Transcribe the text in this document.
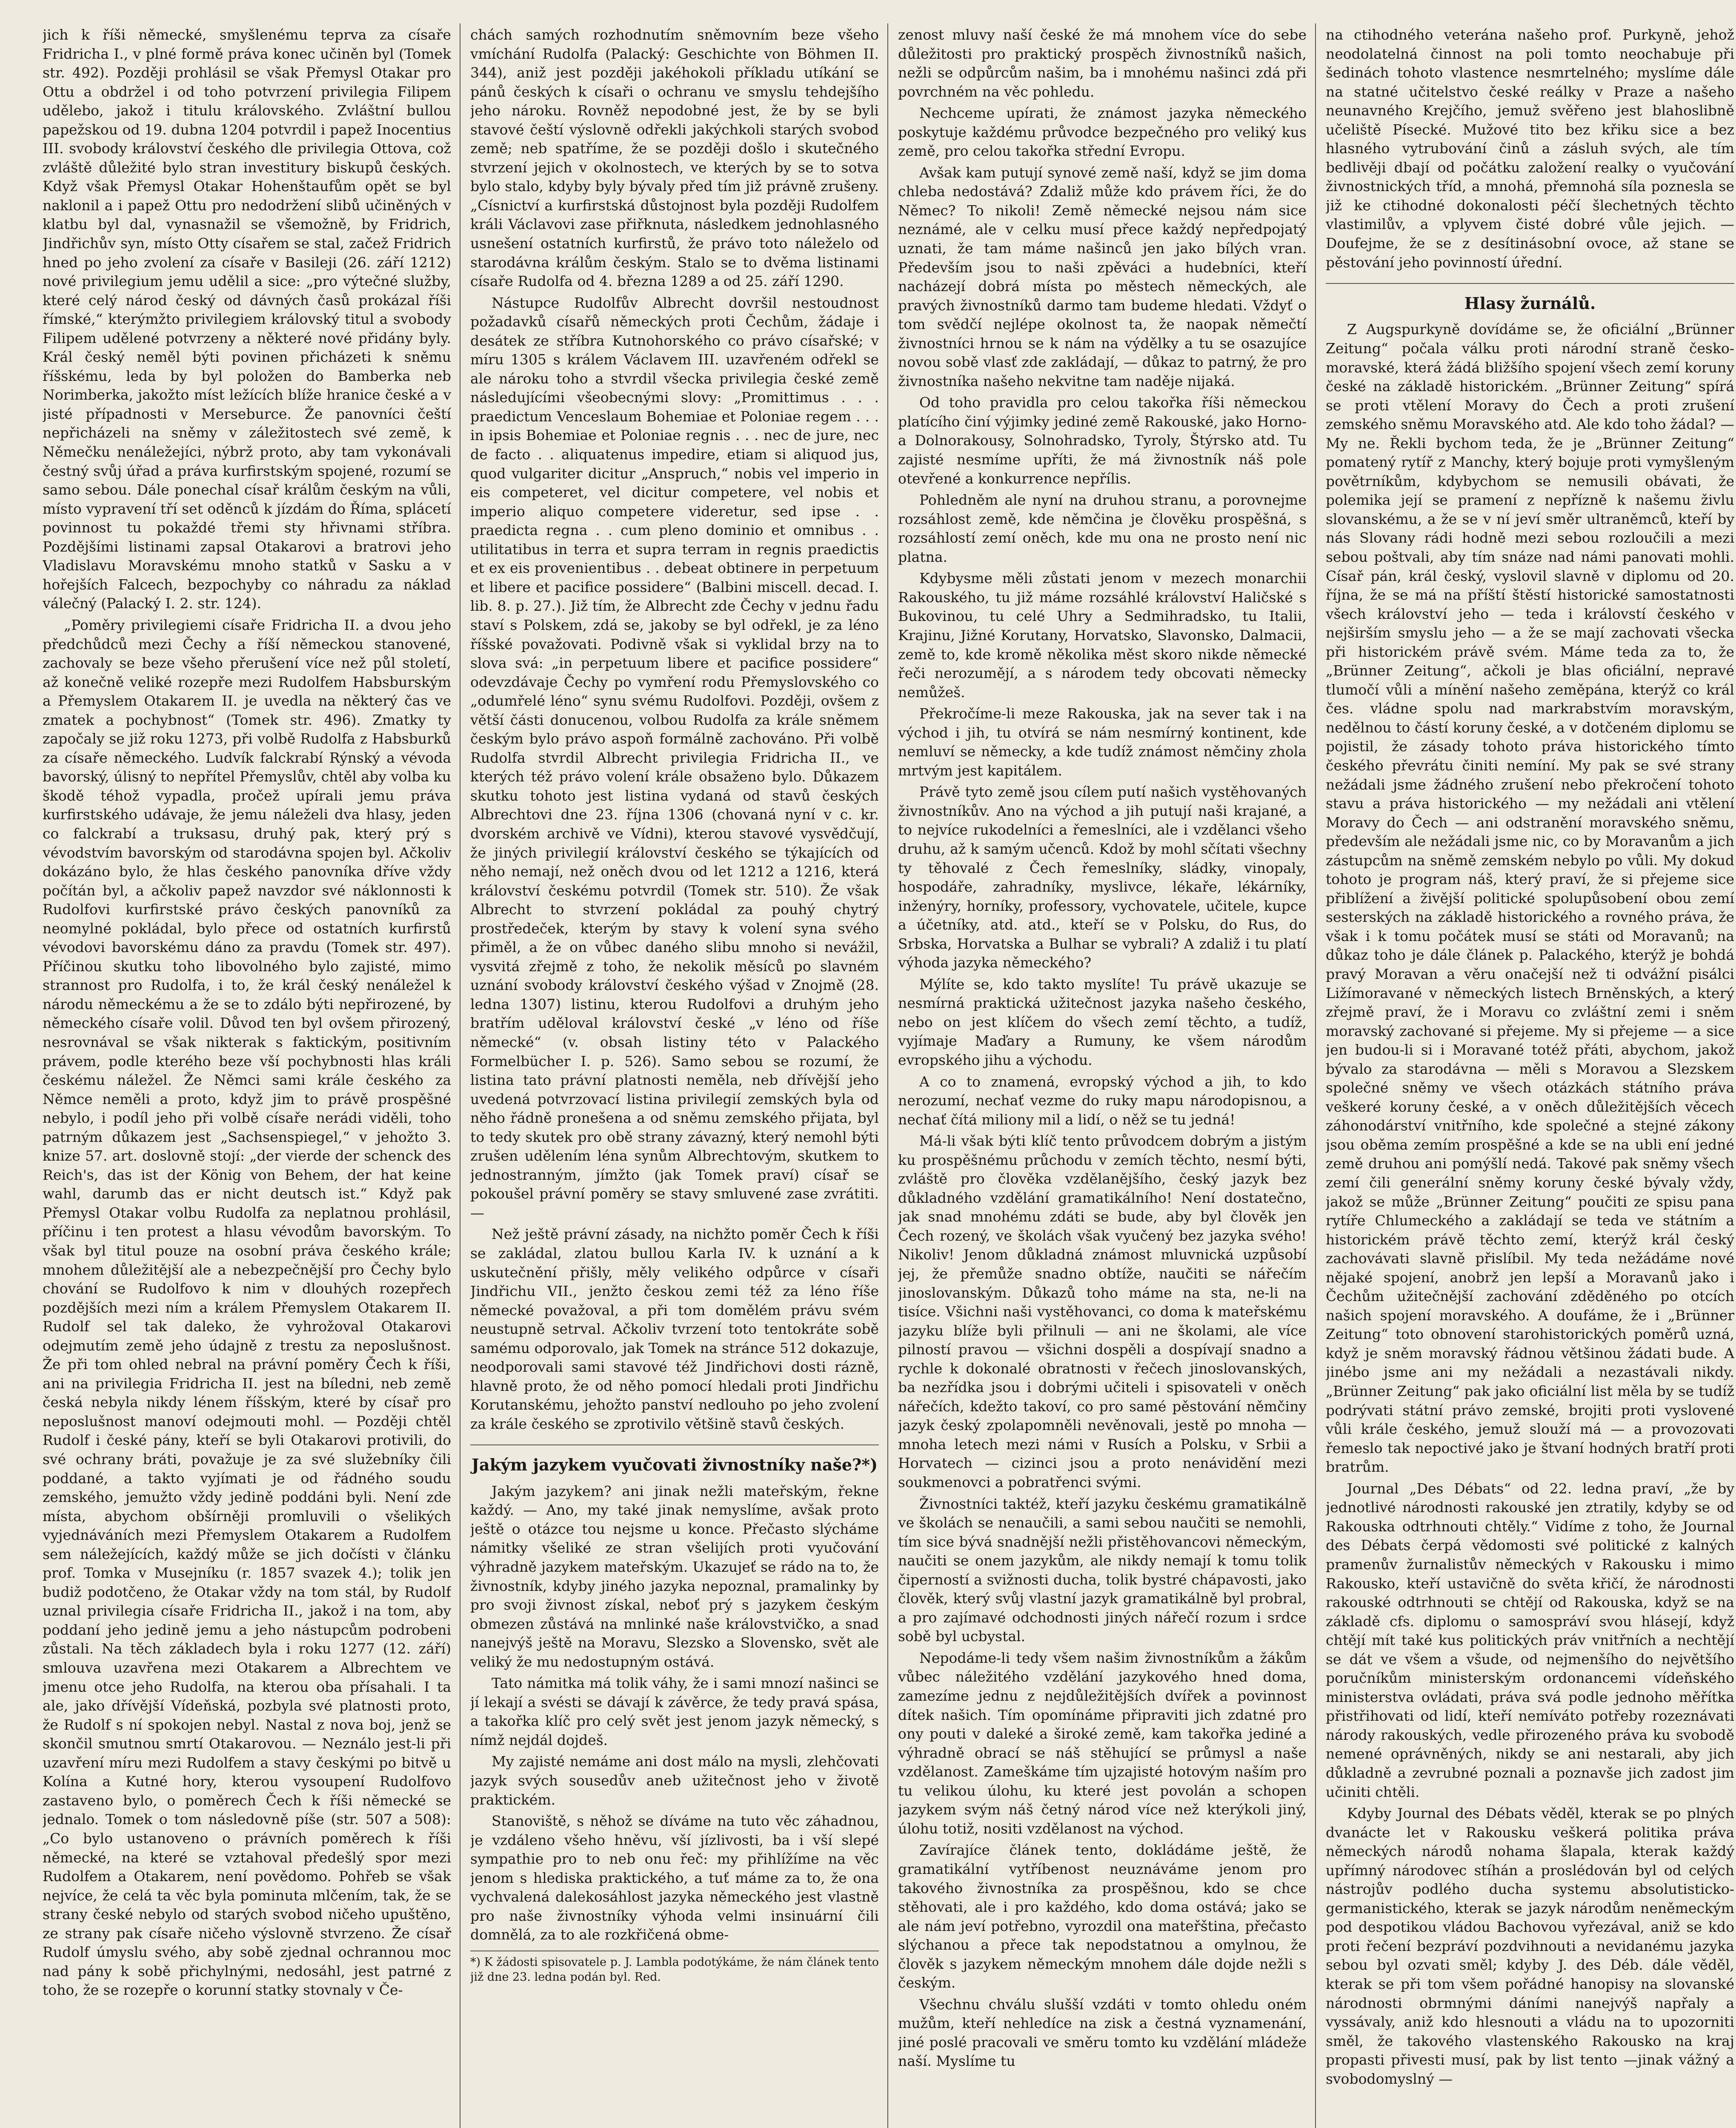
jich k říši německé, smyšlenému teprva za císaře Fridricha I., v plné formě práva konec učiněn byl (Tomek str. 492). Později prohlásil se však Přemysl Otakar pro Ottu a obdržel i od toho potvrzení privilegia Filipem udělebo, jakož i titulu královského. Zvláštní bullou papežskou od 19. dubna 1204 potvrdil i papež Inocentius III. svobody království českého dle privilegia Ottova, což zvláště důležité bylo stran investitury biskupů českých. Když však Přemysl Otakar Hohenštaufům opět se byl naklonil a i papež Ottu pro nedodržení slibů učiněných v klatbu byl dal, vynasnažil se všemožně, by Fridrich, Jindřichův syn, místo Otty císařem se stal, začež Fridrich hned po jeho zvolení za císaře v Basileji (26. září 1212) nové privilegium jemu udělil a sice: „pro výtečné služby, které celý národ český od dávných časů prokázal říši římské,“ kterýmžto privilegiem královský titul a svobody Filipem udělené potvrzeny a některé nové přidány byly. Král český neměl býti povinen přicházeti k sněmu říšskému, leda by byl položen do Bamberka neb Norimberka, jakožto míst ležících blíže hranice české a v jisté případnosti v Merseburce. Že panovníci čeští nepřicházeli na sněmy v záležitostech své země, k Němečku nenáležejíci, nýbrž proto, aby tam vykonávali čestný svůj úřad a práva kurfirstským spojené, rozumí se samo sebou. Dále ponechal císař králům českým na vůli, místo vypravení tří set oděnců k jízdám do Říma, splácetí povinnost tu pokaždé třemi sty hřivnami stříbra. Pozdějšími listinami zapsal Otakarovi a bratrovi jeho Vladislavu Moravskému mnoho statků v Sasku a v hořejších Falcech, bezpochyby co náhradu za náklad válečný (Palacký I. 2. str. 124).

„Poměry privilegiemi císaře Fridricha II. a dvou jeho předchůdců mezi Čechy a říší německou stanovené, zachovaly se beze všeho přerušení více než půl století, až konečně veliké rozepře mezi Rudolfem Habsburským a Přemyslem Otakarem II. je uvedla na některý čas ve zmatek a pochybnost“ (Tomek str. 496). Zmatky ty započaly se již roku 1273, při volbě Rudolfa z Habsburků za císaře německého. Ludvík falckrabí Rýnský a vévoda bavorský, úlisný to nepřítel Přemyslův, chtěl aby volba ku škodě téhož vypadla, pročež upírali jemu práva kurfirstského udávaje, že jemu náleželi dva hlasy, jeden co falckrabí a truksasu, druhý pak, který prý s vévodstvím bavorským od starodávna spojen byl. Ačkoliv dokázáno bylo, že hlas českého panovníka dříve vždy počítán byl, a ačkoliv papež navzdor své náklonnosti k Rudolfovi kurfirstské právo českých panovníků za neomylné pokládal, bylo přece od ostatních kurfirstů vévodovi bavorskému dáno za pravdu (Tomek str. 497). Příčinou skutku toho libovolného bylo zajisté, mimo strannost pro Rudolfa, i to, že král český nenáležel k národu německému a že se to zdálo býti nepřirozené, by německého císaře volil. Důvod ten byl ovšem přirozený, nesrovnával se však nikterak s faktickým, positivním právem, podle kterého beze vší pochybnosti hlas králi českému náležel. Že Němci sami krále českého za Němce neměli a proto, když jim to právě prospěšné nebylo, i podíl jeho při volbě císaře nerádi viděli, toho patrným důkazem jest „Sachsenspiegel,“ v jehožto 3. knize 57. art. doslovně stojí: „der vierde der schenck des Reich's, das ist der König von Behem, der hat keine wahl, darumb das er nicht deutsch ist.“ Když pak Přemysl Otakar volbu Rudolfa za neplatnou prohlásil, příčinu i ten protest a hlasu vévodům bavorským. To však byl titul pouze na osobní práva českého krále; mnohem důležitější ale a nebezpečnější pro Čechy bylo chování se Rudolfovo k nim v dlouhých rozepřech pozdějších mezi ním a králem Přemyslem Otakarem II. Rudolf sel tak daleko, že vyhrožoval Otakarovi odejmutím země jeho údajně z trestu za neposlušnost. Že při tom ohled nebral na právní poměry Čech k říši, ani na privilegia Fridricha II. jest na bíledni, neb země česká nebyla nikdy lénem říšským, které by císař pro neposlušnost manoví odejmouti mohl. — Později chtěl Rudolf i české pány, kteří se byli Otakarovi protivili, do své ochrany bráti, považuje je za své služebníky čili poddané, a takto vyjímati je od řádného soudu zemského, jemužto vždy jedině poddáni byli. Není zde místa, abychom obšírněji promluvili o všelikých vyjednáváních mezi Přemyslem Otakarem a Rudolfem sem náležejících, každý může se jich dočísti v článku prof. Tomka v Musejníku (r. 1857 svazek 4.); tolik jen budiž podotčeno, že Otakar vždy na tom stál, by Rudolf uznal privilegia císaře Fridricha II., jakož i na tom, aby poddaní jeho jedině jemu a jeho nástupcům podrobeni zůstali. Na těch základech byla i roku 1277 (12. září) smlouva uzavřena mezi Otakarem a Albrechtem ve jmenu otce jeho Rudolfa, na kterou oba přísahali. I ta ale, jako dřívější Vídeňská, pozbyla své platnosti proto, že Rudolf s ní spokojen nebyl. Nastal z nova boj, jenž se skončil smutnou smrtí Otakarovou. — Neználo jest-li při uzavření míru mezi Rudolfem a stavy českými po bitvě u Kolína a Kutné hory, kterou vysoupení Rudolfovo zastaveno bylo, o poměrech Čech k říši německé se jednalo. Tomek o tom následovně píše (str. 507 a 508): „Co bylo ustanoveno o právních poměrech k říši německé, na které se vztahoval předešlý spor mezi Rudolfem a Otakarem, není povědomo. Pohřeb se však nejvíce, že celá ta věc byla pominuta mlčením, tak, že se strany české nebylo od starých svobod ničeho upuštěno, ze strany pak císaře ničeho výslovně stvrzeno. Že císař Rudolf úmyslu svého, aby sobě zjednal ochrannou moc nad pány k sobě přichylnými, nedosáhl, jest patrné z toho, že se rozepře o korunní statky stovnaly v Če-

chách samých rozhodnutím sněmovním beze všeho vmíchání Rudolfa (Palacký: Geschichte von Böhmen II. 344), aniž jest později jakéhokoli příkladu utíkání se pánů českých k císaři o ochranu ve smyslu tehdejšího jeho nároku. Rovněž nepodobné jest, že by se byli stavové čeští výslovně odřekli jakýchkoli starých svobod země; neb spatříme, že se později došlo i skutečného stvrzení jejich v okolnostech, ve kterých by se to sotva bylo stalo, kdyby byly bývaly před tím již právně zrušeny. „Císnictví a kurfirstská důstojnost byla později Rudolfem králi Václavovi zase přiřknuta, následkem jednohlasného usnešení ostatních kurfirstů, že právo toto náleželo od starodávna králům českým. Stalo se to dvěma listinami císaře Rudolfa od 4. března 1289 a od 25. září 1290.

Nástupce Rudolfův Albrecht dovršil nestoudnost požadavků císařů německých proti Čechům, žádaje i desátek ze stříbra Kutnohorského co právo císařské; v míru 1305 s králem Václavem III. uzavřeném odřekl se ale nároku toho a stvrdil všecka privilegia české země následujícími všeobecnými slovy: „Promittimus . . . praedictum Venceslaum Bohemiae et Poloniae regem . . . in ipsis Bohemiae et Poloniae regnis . . . nec de jure, nec de facto . . aliquatenus impedire, etiam si aliquod jus, quod vulgariter dicitur „Anspruch,“ nobis vel imperio in eis competeret, vel dicitur competere, vel nobis et imperio aliquo competere videretur, sed ipse . . praedicta regna . . cum pleno dominio et omnibus . . utilitatibus in terra et supra terram in regnis praedictis et ex eis provenientibus . . debeat obtinere in perpetuum et libere et pacifice possidere“ (Balbini miscell. decad. I. lib. 8. p. 27.). Již tím, že Albrecht zde Čechy v jednu řadu staví s Polskem, zdá se, jakoby se byl odřekl, je za léno říšské považovati. Podivně však si vyklidal brzy na to slova svá: „in perpetuum libere et pacifice possidere“ odevzdávaje Čechy po vymření rodu Přemyslovského co „odumřelé léno“ synu svému Rudolfovi. Později, ovšem z větší části donucenou, volbou Rudolfa za krále sněmem českým bylo právo aspoň formálně zachováno. Při volbě Rudolfa stvrdil Albrecht privilegia Fridricha II., ve kterých též právo volení krále obsaženo bylo. Důkazem skutku tohoto jest listina vydaná od stavů českých Albrechtovi dne 23. října 1306 (chovaná nyní v c. kr. dvorském archivě ve Vídni), kterou stavové vysvědčují, že jiných privilegií království českého se týkajících od něho nemají, než oněch dvou od let 1212 a 1216, která království českému potvrdil (Tomek str. 510). Že však Albrecht to stvrzení pokládal za pouhý chytrý prostředeček, kterým by stavy k volení syna svého přiměl, a že on vůbec daného slibu mnoho si nevážil, vysvitá zřejmě z toho, že nekolik měsíců po slavném uznání svobody království českého výšad v Znojmě (28. ledna 1307) listinu, kterou Rudolfovi a druhým jeho bratřím uděloval království české „v léno od říše německé“ (v. obsah listiny této v Palackého Formelbücher I. p. 526). Samo sebou se rozumí, že listina tato právní platnosti neměla, neb dřívější jeho uvedená potvrzovací listina privilegií zemských byla od něho řádně pronešena a od sněmu zemského přijata, byl to tedy skutek pro obě strany závazný, který nemohl býti zrušen udělením léna synům Albrechtovým, skutkem to jednostranným, jímžto (jak Tomek praví) císař se pokoušel právní poměry se stavy smluvené zase zvrátiti. —

Než ještě právní zásady, na nichžto poměr Čech k říši se zakládal, zlatou bullou Karla IV. k uznání a k uskutečnění přišly, měly velikého odpůrce v císaři Jindřichu VII., jenžto českou zemi též za léno říše německé považoval, a při tom domělém právu svém neustupně setrval. Ačkoliv tvrzení toto tentokráte sobě samému odporovalo, jak Tomek na stránce 512 dokazuje, neodporovali sami stavové též Jindřichovi dosti rázně, hlavně proto, že od něho pomocí hledali proti Jindřichu Korutanskému, jehožto panství nedlouho po jeho zvolení za krále českého se zprotivilo většině stavů českých.

Jakým jazykem vyučovati živnostníky naše?*)

Jakým jazykem? ani jinak nežli mateřským, řekne každý. — Ano, my také jinak nemyslíme, avšak proto ještě o otázce tou nejsme u konce. Přečasto slýcháme námitky všeliké ze stran všelijích proti vyučování výhradně jazykem mateřským. Ukazujeť se rádo na to, že živnostník, kdyby jiného jazyka nepoznal, pramalinky by pro svoji živnost získal, neboť prý s jazykem českým obmezen zůstává na mnlinké naše královstvičko, a snad nanejvýš ještě na Moravu, Slezsko a Slovensko, svět ale veliký že mu nedostupným ostává.

Tato námitka má tolik váhy, že i sami mnozí našinci se jí lekají a svésti se dávají k závěrce, že tedy pravá spása, a takořka klíč pro celý svět jest jenom jazyk německý, s nímž nejdál dojdeš.

My zajisté nemáme ani dost málo na mysli, zlehčovati jazyk svých sousedův aneb užitečnost jeho v životě praktickém.

Stanoviště, s něhož se díváme na tuto věc záhadnou, je vzdáleno všeho hněvu, vší jízlivosti, ba i vší slepé sympathie pro to neb onu řeč: my přihlížíme na věc jenom s hlediska praktického, a tuť máme za to, že ona vychvalená dalekosáhlost jazyka německého jest vlastně pro naše živnostníky výhoda velmi insinuární čili domnělá, za to ale rozkřičená obme-

*) K žádosti spisovatele p. J. Lambla podotýkáme, že nám článek tento již dne 23. ledna podán byl. Red.

zenost mluvy naší české že má mnohem více do sebe důležitosti pro praktický prospěch živnostníků našich, nežli se odpůrcům našim, ba i mnohému našinci zdá při povrchném na věc pohledu.

Nechceme upírati, že známost jazyka německého poskytuje každému průvodce bezpečného pro veliký kus země, pro celou takořka střední Evropu.

Avšak kam putují synové země naší, když se jim doma chleba nedostává? Zdaliž může kdo právem říci, že do Němec? To nikoli! Země německé nejsou nám sice neznámé, ale v celku musí přece každý nepředpojatý uznati, že tam máme našinců jen jako bílých vran. Především jsou to naši zpěváci a hudebníci, kteří nacházejí dobrá místa po městech německých, ale pravých živnostníků darmo tam budeme hledati. Vždyť o tom svědčí nejlépe okolnost ta, že naopak němečtí živnostníci hrnou se k nám na výdělky a tu se osazujíce novou sobě vlasť zde zakládají, — důkaz to patrný, že pro živnostníka našeho nekvitne tam naděje nijaká.

Od toho pravidla pro celou takořka říši německou platícího činí výjimky jediné země Rakouské, jako Horno- a Dolnorakousy, Solnohradsko, Tyroly, Štýrsko atd. Tu zajisté nesmíme upříti, že má živnostník náš pole otevřené a konkurrence nepřílis.

Pohledněm ale nyní na druhou stranu, a porovnejme rozsáhlost země, kde němčina je člověku prospěšná, s rozsáhlostí zemí oněch, kde mu ona ne prosto není nic platna.

Kdybysme měli zůstati jenom v mezech monarchii Rakouského, tu již máme rozsáhlé království Haličské s Bukovinou, tu celé Uhry a Sedmihradsko, tu Italii, Krajinu, Jižné Korutany, Horvatsko, Slavonsko, Dalmacii, země to, kde kromě několika měst skoro nikde německé řeči nerozumějí, a s národem tedy obcovati německy nemůžeš.

Překročíme-li meze Rakouska, jak na sever tak i na východ i jih, tu otvírá se nám nesmírný kontinent, kde nemluví se německy, a kde tudíž známost němčiny zhola mrtvým jest kapitálem.

Právě tyto země jsou cílem putí našich vystěhovaných živnostníkův. Ano na východ a jih putují naši krajané, a to nejvíce rukodelníci a řemeslníci, ale i vzdělanci všeho druhu, až k samým učenců. Kdož by mohl sčítati všechny ty těhovalé z Čech řemeslníky, sládky, vinopaly, hospodáře, zahradníky, myslivce, lékaře, lékárníky, inženýry, horníky, professory, vychovatele, učitele, kupce a účetníky, atd. atd., kteří se v Polsku, do Rus, do Srbska, Horvatska a Bulhar se vybrali? A zdaliž i tu platí výhoda jazyka německého?

Mýlíte se, kdo takto myslíte! Tu právě ukazuje se nesmírná praktická užitečnost jazyka našeho českého, nebo on jest klíčem do všech zemí těchto, a tudíž, vyjímaje Maďary a Rumuny, ke všem národům evropského jihu a východu.

A co to znamená, evropský východ a jih, to kdo nerozumí, nechať vezme do ruky mapu národopisnou, a nechať čítá miliony mil a lidí, o něž se tu jedná!

Má-li však býti klíč tento průvodcem dobrým a jistým ku prospěšnému průchodu v zemích těchto, nesmí býti, zvláště pro člověka vzdělanějšího, český jazyk bez důkladného vzdělání gramatikálního! Není dostatečno, jak snad mnohému zdáti se bude, aby byl člověk jen Čech rozený, ve školách však vyučený bez jazyka svého! Nikoliv! Jenom důkladná známost mluvnická uzpůsobí jej, že přemůže snadno obtíže, naučiti se nářečím jinoslovanským. Důkazů toho máme na sta, ne-li na tisíce. Všichni naši vystěhovanci, co doma k mateřskému jazyku blíže byli přilnuli — ani ne školami, ale více pilností pravou — všichni dospěli a dospívají snadno a rychle k dokonalé obratnosti v řečech jinoslovanských, ba nezřídka jsou i dobrými učiteli i spisovateli v oněch nářečích, kdežto takoví, co pro samé pěstování němčiny jazyk český zpolapomněli nevěnovali, jestě po mnoha — mnoha letech mezi námi v Rusích a Polsku, v Srbii a Horvatech — cizinci jsou a proto nenávidění mezi soukmenovci a pobratřenci svými.

Živnostníci taktéž, kteří jazyku českému gramatikálně ve školách se nenaučili, a sami sebou naučiti se nemohli, tím sice bývá snadnější nežli přistěhovancovi německým, naučiti se onem jazykům, ale nikdy nemají k tomu tolik čiperností a svižnosti ducha, tolik bystré chápavosti, jako člověk, který svůj vlastní jazyk gramatikálně byl probral, a pro zajímavé odchodnosti jiných nářečí rozum i srdce sobě byl ucbystal.

Nepodáme-li tedy všem našim živnostníkům a žákům vůbec náležitého vzdělání jazykového hned doma, zamezíme jednu z nejdůležitějších dvířek a povinnost dítek našich. Tím opomínáme připraviti jich zdatné pro ony pouti v daleké a široké země, kam takořka jediné a výhradně obrací se náš stěhující se průmysl a naše vzdělanost. Zameškáme tím ujzajisté hotovým naším pro tu velikou úlohu, ku které jest povolán a schopen jazykem svým náš četný národ více než kterýkoli jiný, úlohu totiž, nositi vzdělanost na východ.

Zavírajíce článek tento, dokládáme ještě, že gramatikální vytříbenost neuznáváme jenom pro takového živnostníka za prospěšnou, kdo se chce stěhovati, ale i pro každého, kdo doma ostává; jako se ale nám jeví potřebno, vyrozdil ona mateřština, přečasto slýchanou a přece tak nepodstatnou a omylnou, že člověk s jazykem německým mnohem dále dojde nežli s českým.

Všechnu chválu slušší vzdáti v tomto ohledu oném mužům, kteří nehledíce na zisk a čestná vyznamenání, jiné poslé pracovali ve směru tomto ku vzdělání mládeže naší. Myslíme tu

na ctihodného veterána našeho prof. Purkyně, jehož neodolatelná činnost na poli tomto neochabuje při šedinách tohoto vlastence nesmrtelného; myslíme dále na statné učitelstvo české reálky v Praze a našeho neunavného Krejčího, jemuž svěřeno jest blahoslibně učeliště Písecké. Mužové tito bez křiku sice a bez hlasného vytrubování činů a zásluh svých, ale tím bedlivěji dbají od počátku založení realky o vyučování živnostnických tříd, a mnohá, přemnohá síla poznesla se již ke ctihodné dokonalosti péčí šlechetných těchto vlastimilův, a vplyvem čisté dobré vůle jejich. — Doufejme, že se z desítinásobní ovoce, až stane se pěstování jeho povinností úřední.

Hlasy žurnálů.

Z Augspurkyně dovídáme se, že oficiální „Brünner Zeitung“ počala válku proti národní straně česko-moravské, která žádá bližšího spojení všech zemí koruny české na základě historickém. „Brünner Zeitung“ spírá se proti vtělení Moravy do Čech a proti zrušení zemského sněmu Moravského atd. Ale kdo toho žádal? — My ne. Řekli bychom teda, že je „Brünner Zeitung“ pomatený rytíř z Manchy, který bojuje proti vymyšleným povětrníkům, kdybychom se nemusili obávati, že polemika její se pramení z nepřízně k našemu živlu slovanskému, a že se v ní jeví směr ultraněmců, kteří by nás Slovany rádi hodně mezi sebou rozloučili a mezi sebou poštvali, aby tím snáze nad námi panovati mohli. Císař pán, král český, vyslovil slavně v diplomu od 20. října, že se má na příští štěstí historické samostatnosti všech království jeho — teda i královstí českého v nejširším smyslu jeho — a že se mají zachovati všecka při historickém právě svém. Máme teda za to, že „Brünner Zeitung“, ačkoli je blas oficiální, nepravé tlumočí vůli a mínění našeho zeměpána, kterýž co král čes. vládne spolu nad markrabstvím moravským, nedělnou to částí koruny české, a v dotčeném diplomu se pojistil, že zásady tohoto práva historického tímto českého převrátu činiti nemíní. My pak se své strany nežádali jsme žádného zrušení nebo překročení tohoto stavu a práva historického — my nežádali ani vtělení Moravy do Čech — ani odstranění moravského sněmu, především ale nežádali jsme nic, co by Moravanům a jich zástupcům na sněmě zemském nebylo po vůli. My dokud tohoto je program náš, který praví, že si přejeme sice přiblížení a živější politické spolupůsobení obou zemí sesterských na základě historického a rovného práva, že však i k tomu počátek musí se státi od Moravanů; na důkaz toho je dále článek p. Palackého, kterýž je bohdá pravý Moravan a věru onačejší než ti odvážní pisálci Ližímoravané v německých listech Brněnských, a který zřejmě praví, že i Moravu co zvláštní zemi i sněm moravský zachované si přejeme. My si přejeme — a sice jen budou-li si i Moravané totéž přáti, abychom, jakož bývalo za starodávna — měli s Moravou a Slezskem společné sněmy ve všech otázkách státního práva veškeré koruny české, a v oněch důležitějších věcech záhonodárství vnitřního, kde společné a stejné zákony jsou oběma zemím prospěšné a kde se na ubli ení jedné země druhou ani pomýšlí nedá. Takové pak sněmy všech zemí čili generální sněmy koruny české bývaly vždy, jakož se může „Brünner Zeitung“ poučiti ze spisu pana rytíře Chlumeckého a zakládají se teda ve státním a historickém právě těchto zemí, kterýž král český zachovávati slavně přislíbil. My teda nežádáme nové nějaké spojení, anobrž jen lepší a Moravanů jako i Čechům užitečnější zachování zděděného po otcích našich spojení moravského. A doufáme, že i „Brünner Zeitung“ toto obnovení starohistorických poměrů uzná, když je sněm moravský řádnou většinou žádati bude. A jinébo jsme ani my nežádali a nezastávali nikdy. „Brünner Zeitung“ pak jako oficiální list měla by se tudíž podrývati státní právo zemské, brojiti proti vyslovené vůli krále českého, jemuž slouží má — a provozovati řemeslo tak nepoctivé jako je štvaní hodných bratří proti bratrům.

Journal „Des Débats“ od 22. ledna praví, „že by jednotlivé národnosti rakouské jen ztratily, kdyby se od Rakouska odtrhnouti chtěly.“ Vidíme z toho, že Journal des Débats čerpá vědomosti své politické z kalných pramenův žurnalistův německých v Rakousku i mimo Rakousko, kteří ustavičně do světa křičí, že národnosti rakouské odtrhnouti se chtějí od Rakouska, když se na základě cfs. diplomu o samospráví svou hlásejí, když chtějí mít také kus politických práv vnitřních a nechtějí se dát ve všem a všude, od nejmenšího do největšího poručníkům ministerským ordonancemi vídeňského ministerstva ovládati, práva svá podle jednoho měřítka přistřihovati od lidí, kteří nemíváto potřeby rozeznávati národy rakouských, vedle přirozeného práva ku svobodě nemené oprávněných, nikdy se ani nestarali, aby jich důkladně a zevrubné poznali a poznavše jich zadost jim učiniti chtěli.

Kdyby Journal des Débats věděl, kterak se po plných dvanácte let v Rakousku veškerá politika práva německých národů nohama šlapala, kterak každý upřímný národovec stíhán a proslédován byl od celých nástrojův podlého ducha systemu absolutisticko-germanistického, kterak se jazyk národům neněmeckým pod despotikou vládou Bachovou vyřezával, aniž se kdo proti řečení bezpráví pozdvihnouti a nevidanému jazyka sebou byl ozvati směl; kdyby J. des Déb. dále věděl, kterak se při tom všem pořádné hanopisy na slovanské národnosti obrmnými dáními nanejvýš napřaly a vyssávaly, aniž kdo hlesnouti a vládu na to upozorniti směl, že takového vlastenského Rakousko na kraj propasti přivesti musí, pak by list tento —jinak vážný a svobodomyslný —
